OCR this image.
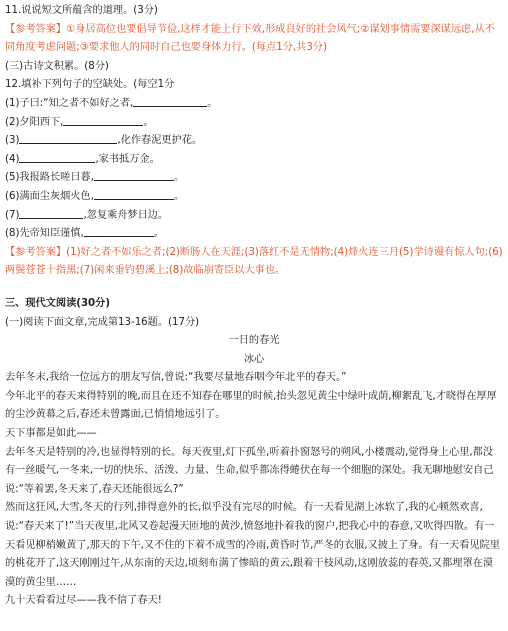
11.说说短文所蕴含的道理。(3分)
【参考答案】①身居高位也要倡导节俭,这样才能上行下效,形成良好的社会风气;②谋划事情需要深谋远虑,从不同角度考虑问题;③要求他人的同时自己也要身体力行。(每点1分,共3分)
(三)古诗文积累。(8分)
12.填补下列句子的空缺处。(每空1分
(1)子曰:“知之者不如好之者,	。
(2)夕阳西下,	。
(3)	,化作春泥更护花。
(4)	,家书抵万金。
(5)我报路长嗟日暮,	。
(6)满面尘灰烟火色,	。
(7)	,忽复乘舟梦日边。
(8)先帝知臣谨慎,	。
【参考答案】(1)好之者不如乐之者;(2)断肠人在天涯;(3)落红不是无情物;(4)烽火连三月(5)学诗谩有惊人句;(6)两鬓苍苍十指黑;(7)闲来垂钓碧溪上;(8)故临崩寄臣以大事也。
三、现代文阅读(30分)
(一)阅读下面文章,完成第13-16题。(17分)
一日的春光
冰心
去年冬末,我给一位远方的朋友写信,曾说:“我要尽量地吞咽今年北平的春天。”
今年北平的春天来得特别的晚,而且在还不知春在哪里的时候,抬头忽见黄尘中绿叶成荫,柳絮乱飞,才晓得在厚厚的尘沙黄幕之后,春还未曾露面,已悄悄地远引了。
天下事都是如此——
去年冬天是特别的冷,也显得特别的长。每天夜里,灯下孤坐,听着扑窗怒号的朔风,小楼震动,觉得身上心里,都没有一丝暖气,一冬来,一切的快乐、活泼、力量、生命,似乎都冻得蜷伏在每一个细胞的深处。我无聊地慰安自己说:“等着罢,冬天来了,春天还能很远么?”
然而这狂风,大雪,冬天的行列,排得意外的长,似乎没有完尽的时候。有一天看见湖上冰软了,我的心顿然欢喜,说:“春天来了!”当天夜里,北风又卷起漫天匝地的黄沙,愤怒地扑着我的窗户,把我心中的春意,又吹得四散。有一天看见柳梢嫩黄了,那天的下午,又不住的下着不成雪的冷雨,黄昏时节,严冬的衣服,又披上了身。有一天看见院里的桃花开了,这天刚刚过午,从东南的天边,顷刻布满了惨暗的黄云,跟着干枝风动,这刚放蕊的春英,又都埋罩在漠漠的黄尘里……
九十天看看过尽——我不信了春天!
